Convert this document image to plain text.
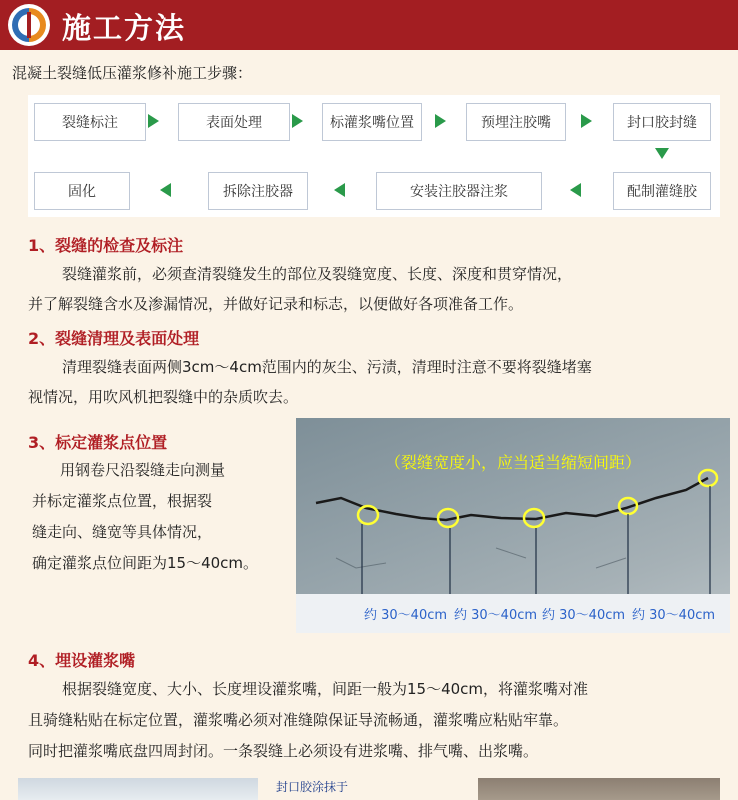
施工方法
混凝土裂缝低压灌浆修补施工步骤：
裂缝标注	表面处理	标灌浆嘴位置	预埋注胶嘴	封口胶封缝
配制灌缝胶
安装注胶器注浆
拆除注胶器
固化
1、裂缝的检查及标注
裂缝灌浆前，必须查清裂缝发生的部位及裂缝宽度、长度、深度和贯穿情况，
并了解裂缝含水及渗漏情况，并做好记录和标志，以便做好各项准备工作。
2、裂缝清理及表面处理
清理裂缝表面两侧3cm～4cm范围内的灰尘、污渍，清理时注意不要将裂缝堵塞
视情况，用吹风机把裂缝中的杂质吹去。
3、标定灌浆点位置
用钢卷尺沿裂缝走向测量
并标定灌浆点位置，根据裂
缝走向、缝宽等具体情况，
确定灌浆点位间距为15～40cm。
（裂缝宽度小，应当适当缩短间距）
约 30～40cm 约 30～40cm 约 30～40cm 约 30～40cm
4、埋设灌浆嘴
根据裂缝宽度、大小、长度埋设灌浆嘴，间距一般为15～40cm，将灌浆嘴对准
且骑缝粘贴在标定位置，灌浆嘴必须对准缝隙保证导流畅通，灌浆嘴应粘贴牢靠。
同时把灌浆嘴底盘四周封闭。一条裂缝上必须设有进浆嘴、排气嘴、出浆嘴。
封口胶涂抹于
